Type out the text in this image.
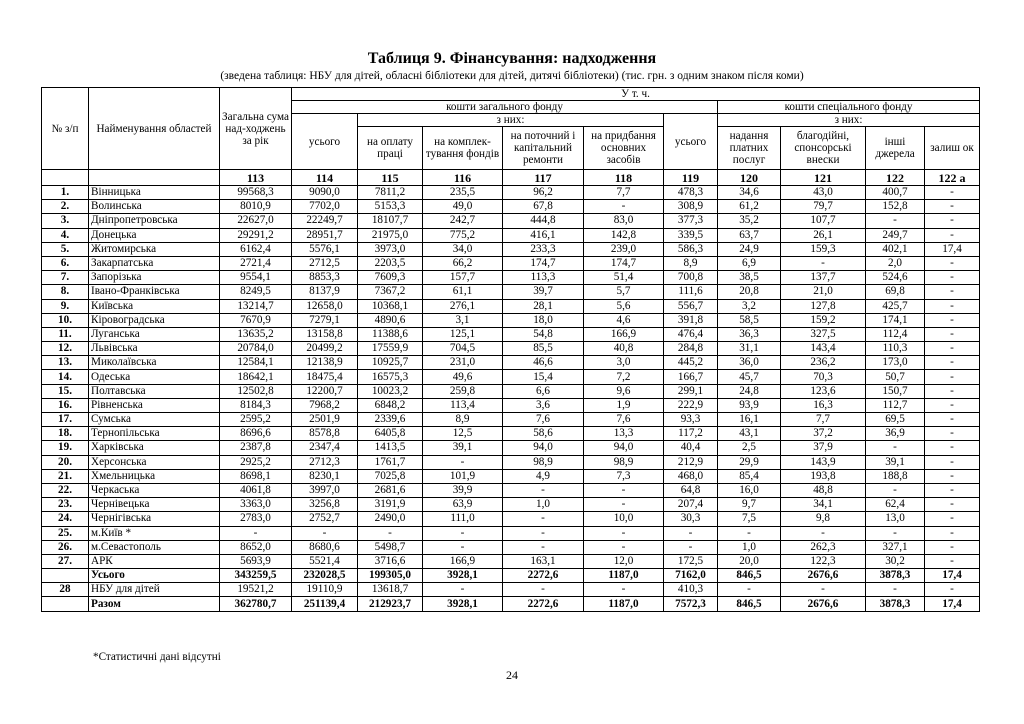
Таблиця 9. Фінансування: надходження
(зведена таблиця: НБУ для дітей, обласні бібліотеки для дітей, дитячі бібліотеки) (тис. грн. з одним знаком після коми)
№ з/п	Найменування областей	Загальна сума над-ходжень за рік	У т. ч.									
			кошти загального фонду						кошти спеціального фонду			
			усього	з них:				усього	з них:			
				на оплату праці	на комплек-тування фондів	на поточний і капітальний ремонти	на придбання основних засобів		надання платних послуг	благодійні, спонсорські внески	інші джерела	залиш ок
		113	114	115	116	117	118	119	120	121	122	122 а
1.	Вінницька	99568,3	9090,0	7811,2	235,5	96,2	7,7	478,3	34,6	43,0	400,7	-
2.	Волинська	8010,9	7702,0	5153,3	49,0	67,8	-	308,9	61,2	79,7	152,8	-
3.	Дніпропетровська	22627,0	22249,7	18107,7	242,7	444,8	83,0	377,3	35,2	107,7	-	-
4.	Донецька	29291,2	28951,7	21975,0	775,2	416,1	142,8	339,5	63,7	26,1	249,7	-
5.	Житомирська	6162,4	5576,1	3973,0	34,0	233,3	239,0	586,3	24,9	159,3	402,1	17,4
6.	Закарпатська	2721,4	2712,5	2203,5	66,2	174,7	174,7	8,9	6,9	-	2,0	-
7.	Запорізька	9554,1	8853,3	7609,3	157,7	113,3	51,4	700,8	38,5	137,7	524,6	-
8.	Івано-Франківська	8249,5	8137,9	7367,2	61,1	39,7	5,7	111,6	20,8	21,0	69,8	-
9.	Київська	13214,7	12658,0	10368,1	276,1	28,1	5,6	556,7	3,2	127,8	425,7	-
10.	Кіровоградська	7670,9	7279,1	4890,6	3,1	18,0	4,6	391,8	58,5	159,2	174,1	-
11.	Луганська	13635,2	13158,8	11388,6	125,1	54,8	166,9	476,4	36,3	327,5	112,4	-
12.	Львівська	20784,0	20499,2	17559,9	704,5	85,5	40,8	284,8	31,1	143,4	110,3	-
13.	Миколаївська	12584,1	12138,9	10925,7	231,0	46,6	3,0	445,2	36,0	236,2	173,0	-
14.	Одеська	18642,1	18475,4	16575,3	49,6	15,4	7,2	166,7	45,7	70,3	50,7	-
15.	Полтавська	12502,8	12200,7	10023,2	259,8	6,6	9,6	299,1	24,8	123,6	150,7	-
16.	Рівненська	8184,3	7968,2	6848,2	113,4	3,6	1,9	222,9	93,9	16,3	112,7	-
17.	Сумська	2595,2	2501,9	2339,6	8,9	7,6	7,6	93,3	16,1	7,7	69,5	-
18.	Тернопільська	8696,6	8578,8	6405,8	12,5	58,6	13,3	117,2	43,1	37,2	36,9	-
19.	Харківська	2387,8	2347,4	1413,5	39,1	94,0	94,0	40,4	2,5	37,9	-	-
20.	Херсонська	2925,2	2712,3	1761,7	-	98,9	98,9	212,9	29,9	143,9	39,1	-
21.	Хмельницька	8698,1	8230,1	7025,8	101,9	4,9	7,3	468,0	85,4	193,8	188,8	-
22.	Черкаська	4061,8	3997,0	2681,6	39,9	-	-	64,8	16,0	48,8	-	-
23.	Чернівецька	3363,0	3256,8	3191,9	63,9	1,0	-	207,4	9,7	34,1	62,4	-
24.	Чернігівська	2783,0	2752,7	2490,0	111,0	-	10,0	30,3	7,5	9,8	13,0	-
25.	м.Київ *	-	-	-	-	-	-	-	-	-	-	-
26.	м.Севастополь	8652,0	8680,6	5498,7	-	-	-	-	1,0	262,3	327,1	-
27.	АРК	5693,9	5521,4	3716,6	166,9	163,1	12,0	172,5	20,0	122,3	30,2	-
	Усього	343259,5	232028,5	199305,0	3928,1	2272,6	1187,0	7162,0	846,5	2676,6	3878,3	17,4
28	НБУ для дітей	19521,2	19110,9	13618,7	-	-	-	410,3	-	-	-	-
	Разом	362780,7	251139,4	212923,7	3928,1	2272,6	1187,0	7572,3	846,5	2676,6	3878,3	17,4
*Статистичні дані відсутні
24
